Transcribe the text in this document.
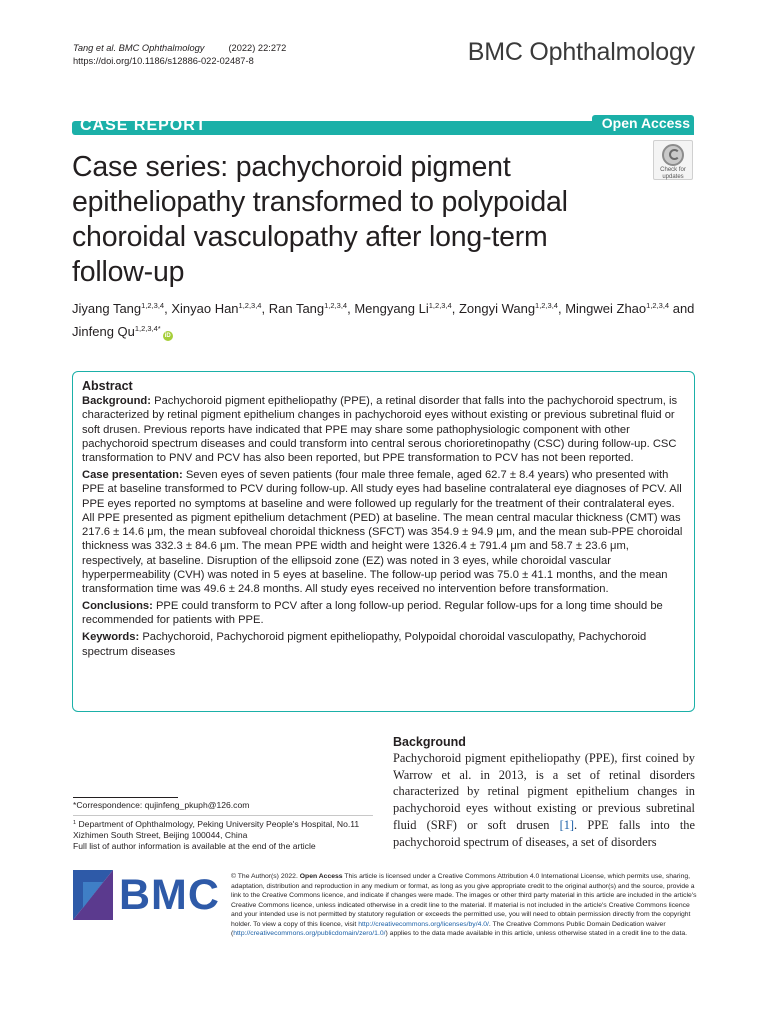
Tang et al. BMC Ophthalmology	(2022) 22:272
https://doi.org/10.1186/s12886-022-02487-8	BMC Ophthalmology
CASE REPORT	Open Access
Case series: pachychoroid pigment epitheliopathy transformed to polypoidal choroidal vasculopathy after long-term follow-up
Check for
updates
Jiyang Tang$^{1,2,3,4}$, Xinyao Han$^{1,2,3,4}$, Ran Tang$^{1,2,3,4}$, Mengyang Li$^{1,2,3,4}$, Zongyi Wang$^{1,2,3,4}$, Mingwei Zhao$^{1,2,3,4}$ and
Jinfeng $Qu^{1,2,3,4*}iD$
Abstract

Background: Pachychoroid pigment epitheliopathy (PPE), a retinal disorder that falls into the pachychoroid spectrum, is characterized by retinal pigment epithelium changes in pachychoroid eyes without existing or previous subretinal fluid or soft drusen. Previous reports have indicated that PPE may share some pathophysiologic component with other pachychoroid spectrum diseases and could transform into central serous chorioretinopathy (CSC) during follow-up. CSC transformation to PNV and PCV has also been reported, but PPE transformation to PCV has not been reported.

Case presentation: Seven eyes of seven patients (four male three female, aged 62.7 ± 8.4 years) who presented with PPE at baseline transformed to PCV during follow-up. All study eyes had baseline contralateral eye diagnoses of PCV. All PPE eyes reported no symptoms at baseline and were followed up regularly for the treatment of their contralateral eyes. All PPE presented as pigment epithelium detachment (PED) at baseline. The mean central macular thickness (CMT) was 217.6 ± 14.6 μm, the mean subfoveal choroidal thickness (SFCT) was 354.9 ± 94.9 μm, and the mean sub-PPE choroidal thickness was 332.3 ± 84.6 μm. The mean PPE width and height were 1326.4 ± 791.4 μm and 58.7 ± 23.6 μm, respectively, at baseline. Disruption of the ellipsoid zone (EZ) was noted in 3 eyes, while choroidal vascular hyperpermeability (CVH) was noted in 5 eyes at baseline. The follow-up period was 75.0 ± 41.1 months, and the mean transformation time was 49.6 ± 24.8 months. All study eyes received no intervention before transformation.

Conclusions: PPE could transform to PCV after a long follow-up period. Regular follow-ups for a long time should be recommended for patients with PPE.

Keywords: Pachychoroid, Pachychoroid pigment epitheliopathy, Polypoidal choroidal vasculopathy, Pachychoroid spectrum diseases

Background
Pachychoroid pigment epitheliopathy (PPE), first coined by Warrow et al. in 2013, is a set of retinal disorders characterized by retinal pigment epithelium changes in pachychoroid eyes without existing or previous subretinal fluid (SRF) or soft drusen [1]. PPE falls into the pachychoroid spectrum of diseases, a set of disorders
*Correspondence: qujinfeng_pkuph@126.com
$^1$ Department of Ophthalmology, Peking University People's Hospital, No.11 Xizhimen South Street, Beijing 100044, China
Full list of author information is available at the end of the article
BMC © The Author(s) 2022. Open Access This article is licensed under a Creative Commons Attribution 4.0 International License, which permits use, sharing, adaptation, distribution and reproduction in any medium or format, as long as you give appropriate credit to the original author(s) and the source, provide a link to the Creative Commons licence, and indicate if changes were made. The images or other third party material in this article are included in the article's Creative Commons licence, unless indicated otherwise in a credit line to the material. If material is not included in the article's Creative Commons licence and your intended use is not permitted by statutory regulation or exceeds the permitted use, you will need to obtain permission directly from the copyright holder. To view a copy of this licence, visit http://creativecommons.org/licenses/by/4.0/. The Creative Commons Public Domain Dedication waiver (http://creativecommons.org/publicdomain/zero/1.0/) applies to the data made available in this article, unless otherwise stated in a credit line to the data.
